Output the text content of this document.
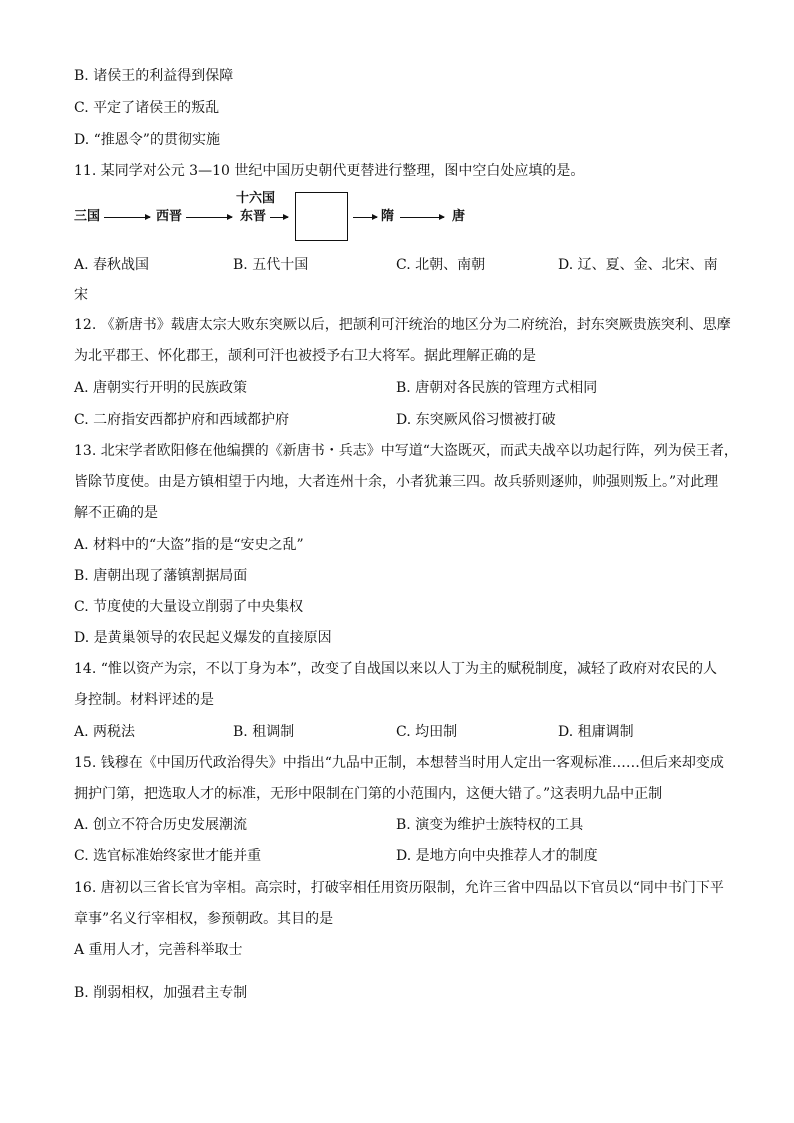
B. 诸侯王的利益得到保障
C. 平定了诸侯王的叛乱
D. “推恩令”的贯彻实施
11. 某同学对公元 3—10 世纪中国历史朝代更替进行整理，图中空白处应填的是。
三国	西晋
十六国
东晋	隋	唐
A. 春秋战国	B. 五代十国	C. 北朝、南朝	D. 辽、夏、金、北宋、南
宋
12. 《新唐书》载唐太宗大败东突厥以后，把颉利可汗统治的地区分为二府统治，封东突厥贵族突利、思摩
为北平郡王、怀化郡王，颉利可汗也被授予右卫大将军。据此理解正确的是
A. 唐朝实行开明的民族政策	B. 唐朝对各民族的管理方式相同
C. 二府指安西都护府和西域都护府	D. 东突厥风俗习惯被打破
13. 北宋学者欧阳修在他编撰的《新唐书・兵志》中写道“大盗既灭，而武夫战卒以功起行阵，列为侯王者，
皆除节度使。由是方镇相望于内地，大者连州十余，小者犹兼三四。故兵骄则逐帅，帅强则叛上。”对此理
解不正确的是
A. 材料中的“大盗”指的是“安史之乱”
B. 唐朝出现了藩镇割据局面
C. 节度使的大量设立削弱了中央集权
D. 是黄巢领导的农民起义爆发的直接原因
14. “惟以资产为宗，不以丁身为本”，改变了自战国以来以人丁为主的赋税制度，减轻了政府对农民的人
身控制。材料评述的是
A. 两税法	B. 租调制	C. 均田制	D. 租庸调制
15. 钱穆在《中国历代政治得失》中指出“九品中正制，本想替当时用人定出一客观标准……但后来却变成
拥护门第，把选取人才的标准，无形中限制在门第的小范围内，这便大错了。”这表明九品中正制
A. 创立不符合历史发展潮流	B. 演变为维护士族特权的工具
C. 选官标准始终家世才能并重	D. 是地方向中央推荐人才的制度
16. 唐初以三省长官为宰相。高宗时，打破宰相任用资历限制，允许三省中四品以下官员以“同中书门下平
章事”名义行宰相权，参预朝政。其目的是
A 重用人才，完善科举取士
B. 削弱相权，加强君主专制
